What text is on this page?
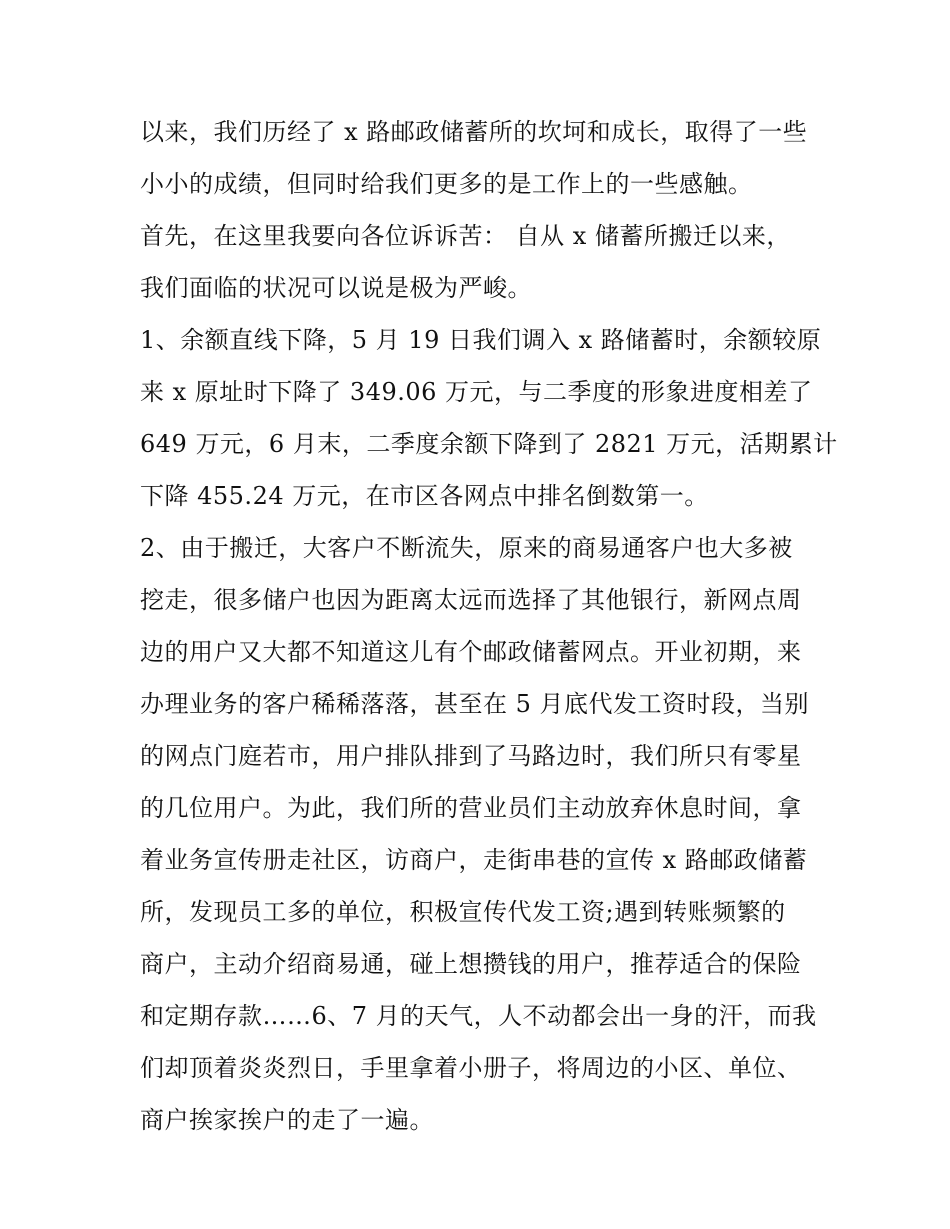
以来，我们历经了 x 路邮政储蓄所的坎坷和成长，取得了一些
小小的成绩，但同时给我们更多的是工作上的一些感触。
首先，在这里我要向各位诉诉苦： 自从 x 储蓄所搬迁以来，
我们面临的状况可以说是极为严峻。
1、余额直线下降，5 月 19 日我们调入 x 路储蓄时，余额较原
来 x 原址时下降了 349.06 万元，与二季度的形象进度相差了
649 万元，6 月末，二季度余额下降到了 2821 万元，活期累计
下降 455.24 万元，在市区各网点中排名倒数第一。
2、由于搬迁，大客户不断流失，原来的商易通客户也大多被
挖走，很多储户也因为距离太远而选择了其他银行，新网点周
边的用户又大都不知道这儿有个邮政储蓄网点。开业初期，来
办理业务的客户稀稀落落，甚至在 5 月底代发工资时段，当别
的网点门庭若市，用户排队排到了马路边时，我们所只有零星
的几位用户。为此，我们所的营业员们主动放弃休息时间，拿
着业务宣传册走社区，访商户，走街串巷的宣传 x 路邮政储蓄
所，发现员工多的单位，积极宣传代发工资;遇到转账频繁的
商户，主动介绍商易通，碰上想攒钱的用户，推荐适合的保险
和定期存款……6、7 月的天气，人不动都会出一身的汗，而我
们却顶着炎炎烈日，手里拿着小册子，将周边的小区、单位、
商户挨家挨户的走了一遍。
